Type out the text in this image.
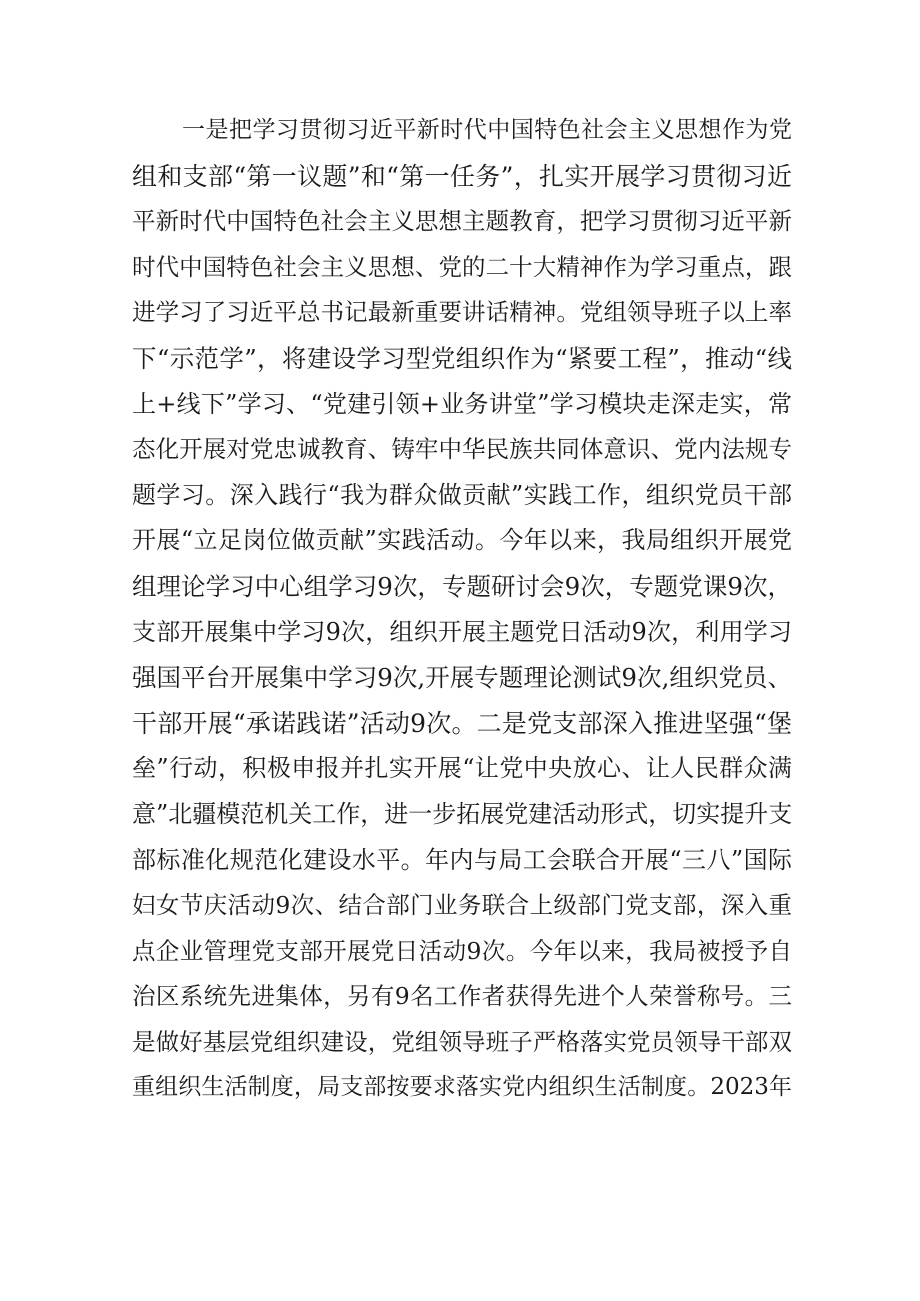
一是把学习贯彻习近平新时代中国特色社会主义思想作为党
组和支部“第一议题”和“第一任务”，扎实开展学习贯彻习近
平新时代中国特色社会主义思想主题教育，把学习贯彻习近平新
时代中国特色社会主义思想、党的二十大精神作为学习重点，跟
进学习了习近平总书记最新重要讲话精神。党组领导班子以上率
下“示范学”，将建设学习型党组织作为“紧要工程”，推动“线
上+线下”学习、“党建引领+业务讲堂”学习模块走深走实，常
态化开展对党忠诚教育、铸牢中华民族共同体意识、党内法规专
题学习。深入践行“我为群众做贡献”实践工作，组织党员干部
开展“立足岗位做贡献”实践活动。今年以来，我局组织开展党
组理论学习中心组学习9次，专题研讨会9次，专题党课9次，
支部开展集中学习9次，组织开展主题党日活动9次，利用学习
强国平台开展集中学习9次,开展专题理论测试9次,组织党员、
干部开展“承诺践诺”活动9次。二是党支部深入推进坚强“堡
垒”行动，积极申报并扎实开展“让党中央放心、让人民群众满
意”北疆模范机关工作，进一步拓展党建活动形式，切实提升支
部标准化规范化建设水平。年内与局工会联合开展“三八”国际
妇女节庆活动9次、结合部门业务联合上级部门党支部，深入重
点企业管理党支部开展党日活动9次。今年以来，我局被授予自
治区系统先进集体，另有9名工作者获得先进个人荣誉称号。三
是做好基层党组织建设，党组领导班子严格落实党员领导干部双
重组织生活制度，局支部按要求落实党内组织生活制度。2023年
